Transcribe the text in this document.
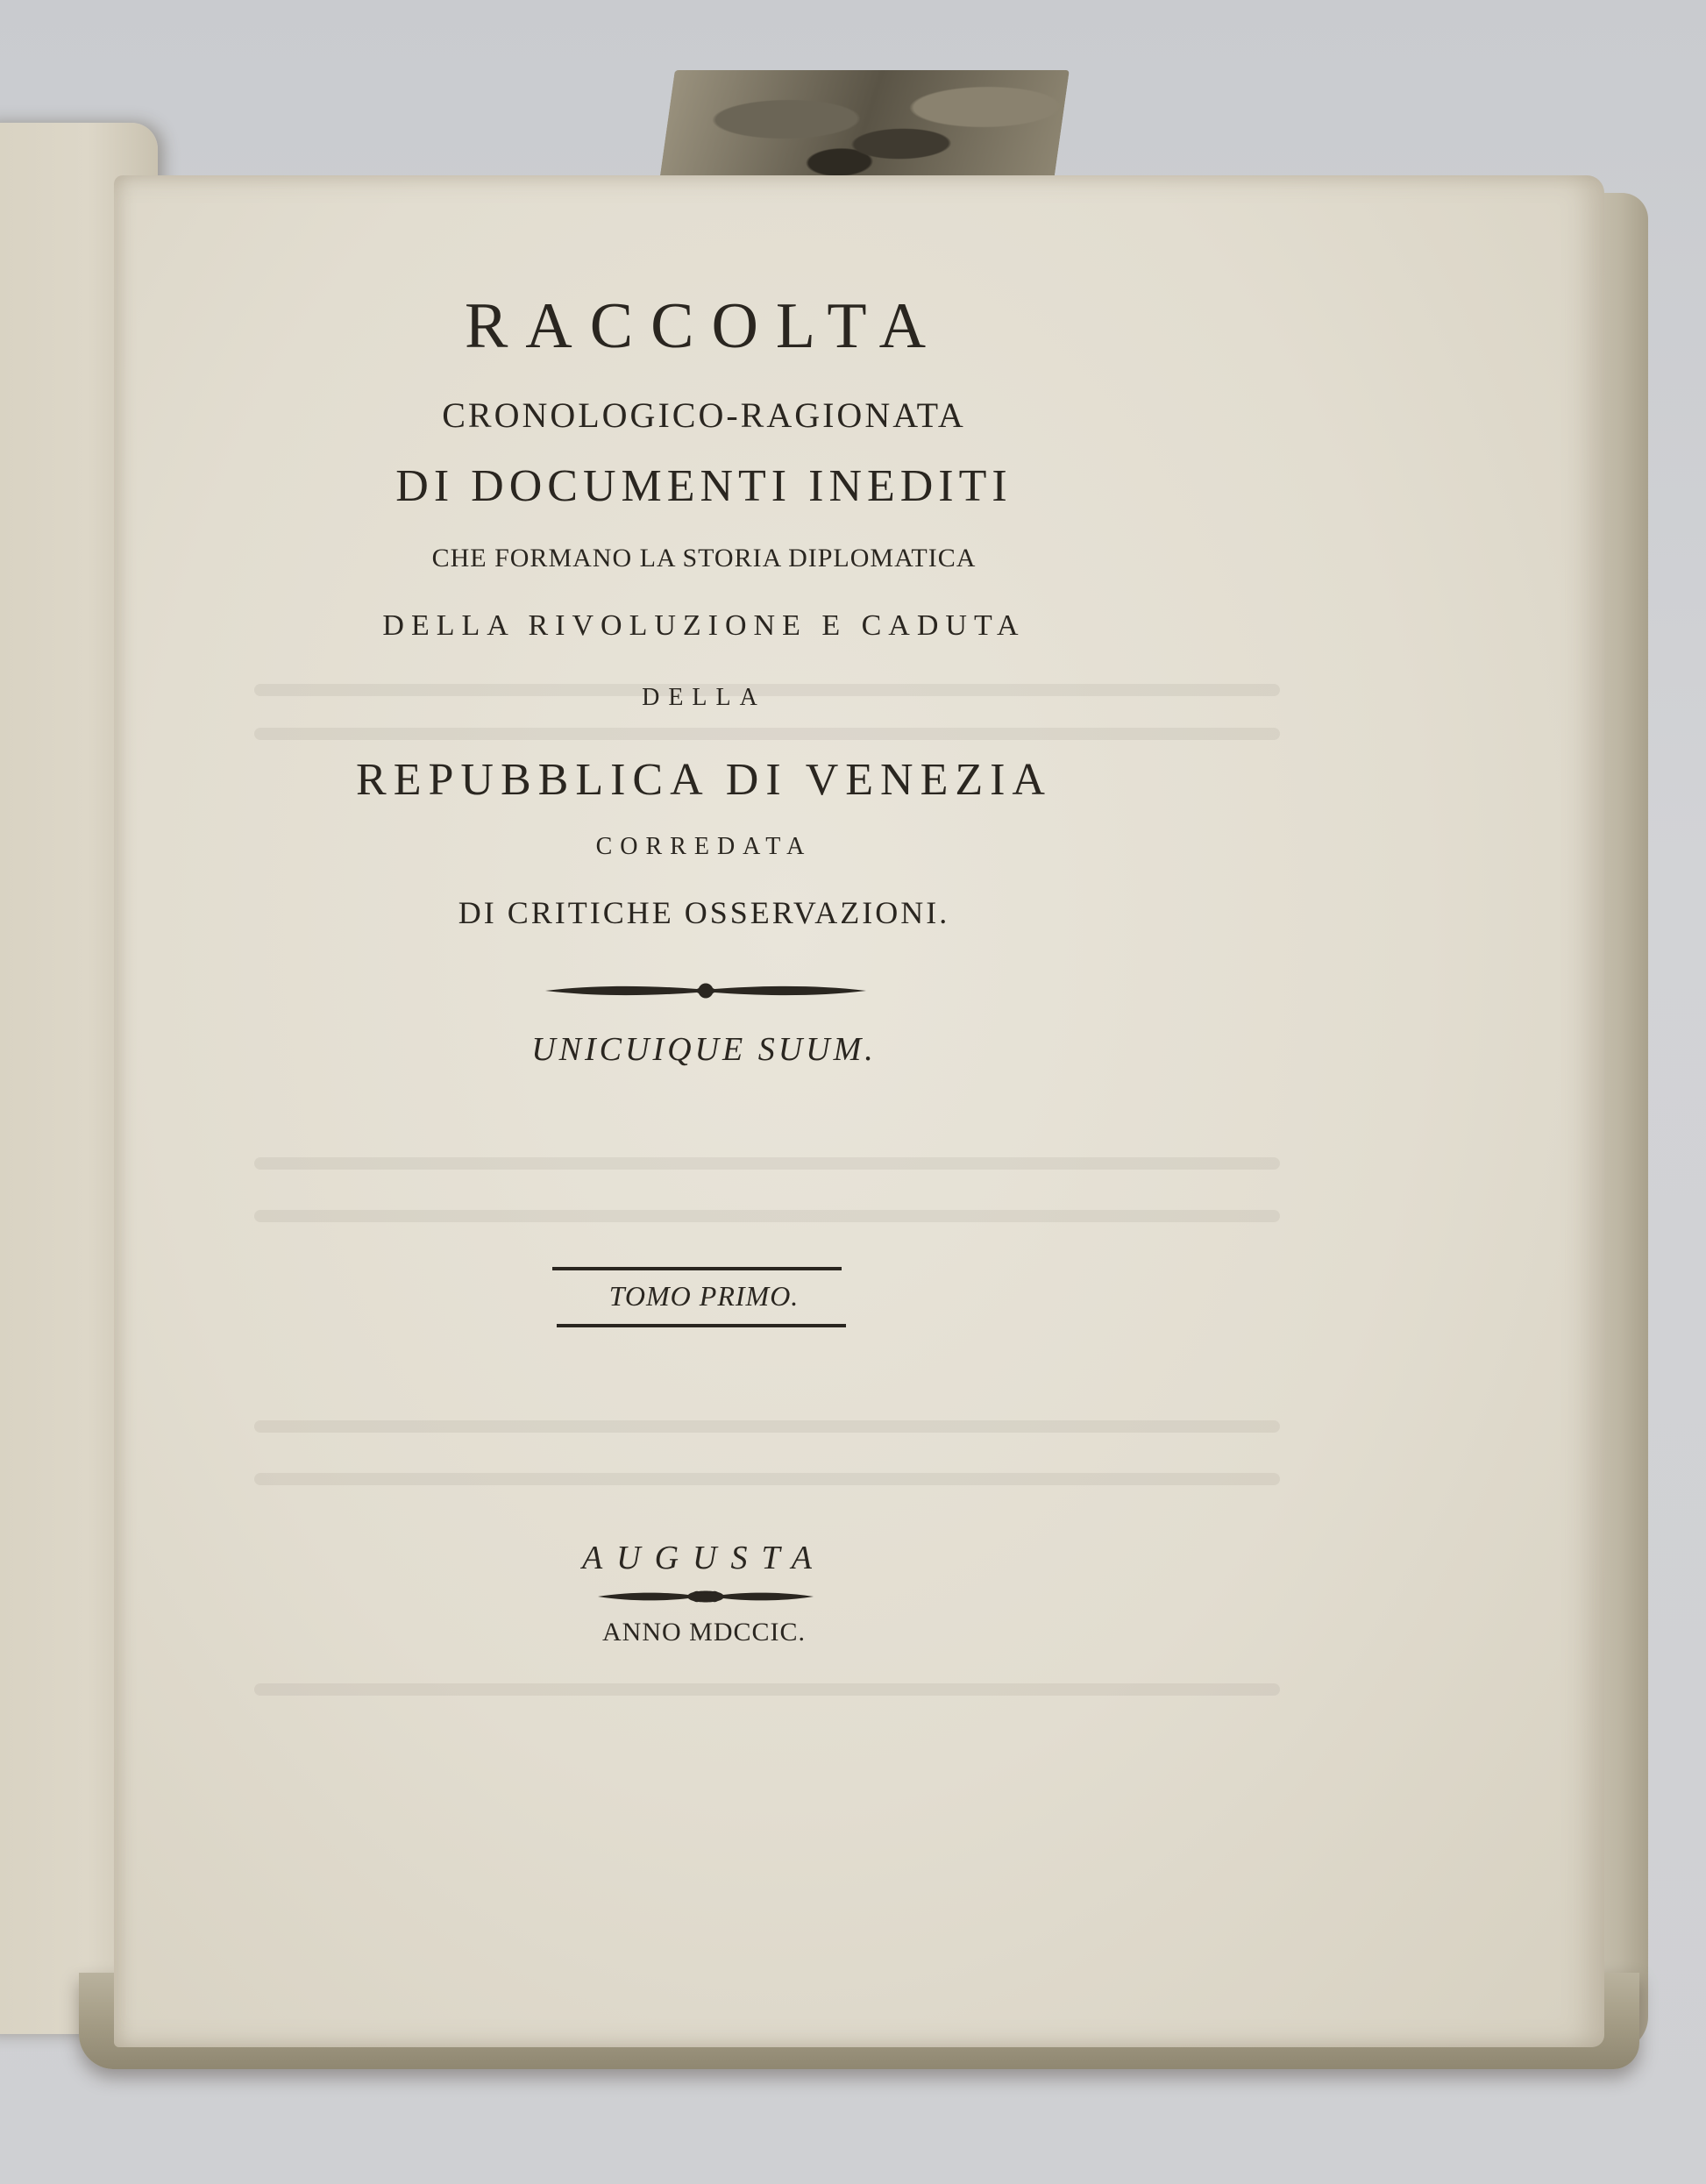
RACCOLTA
CRONOLOGICO-RAGIONATA
DI DOCUMENTI INEDITI
CHE FORMANO LA STORIA DIPLOMATICA
DELLA RIVOLUZIONE E CADUTA
DELLA
REPUBBLICA DI VENEZIA
CORREDATA
DI CRITICHE OSSERVAZIONI.
UNICUIQUE SUUM.
TOMO PRIMO.
AUGUSTA
ANNO MDCCIC.
